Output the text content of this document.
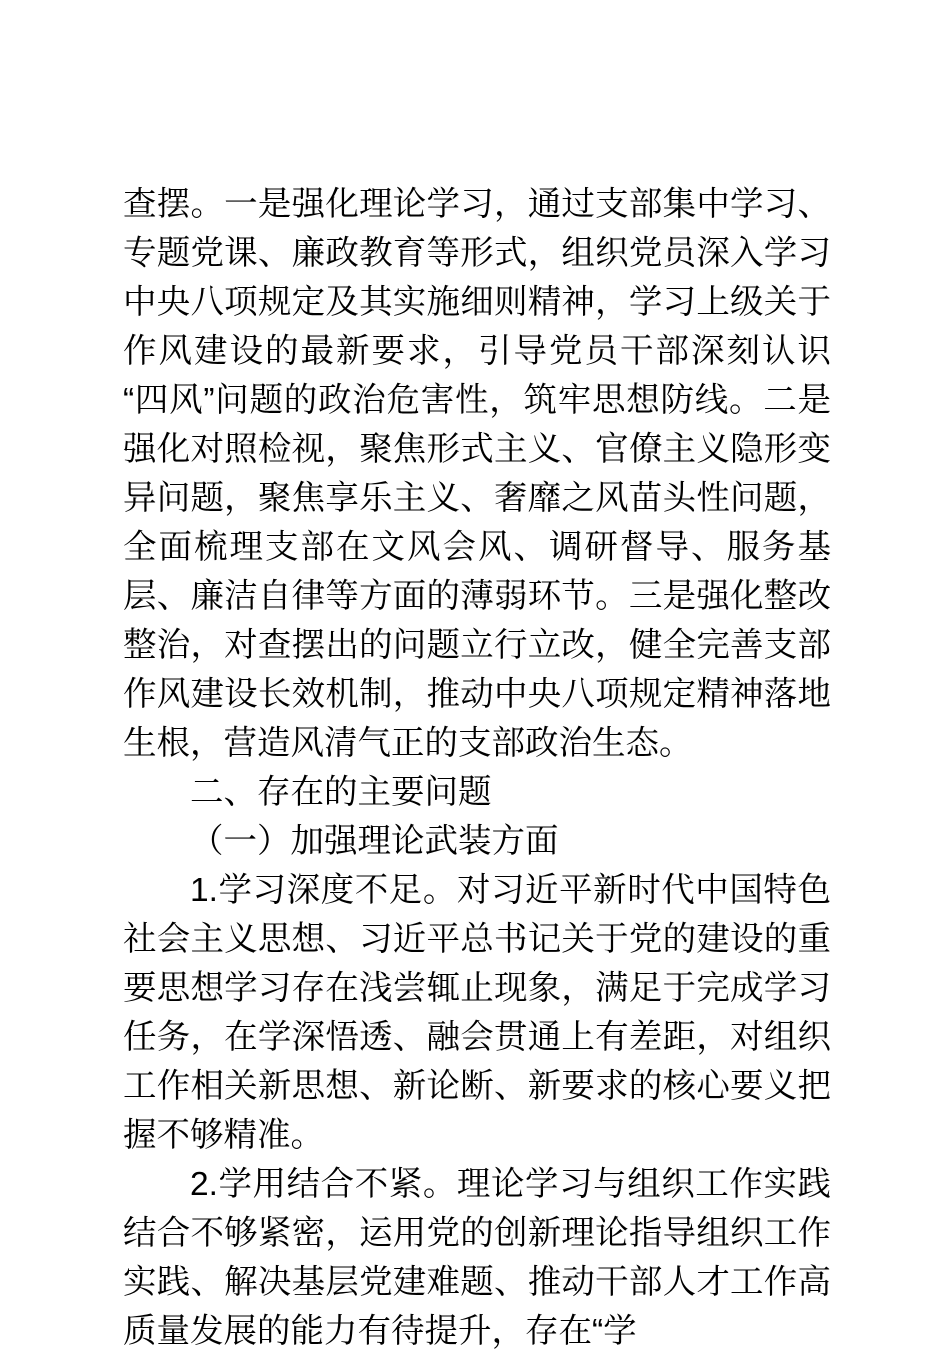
查摆。一是强化理论学习，通过支部集中学习、专题党课、廉政教育等形式，组织党员深入学习中央八项规定及其实施细则精神，学习上级关于作风建设的最新要求，引导党员干部深刻认识“四风”问题的政治危害性，筑牢思想防线。二是强化对照检视，聚焦形式主义、官僚主义隐形变异问题，聚焦享乐主义、奢靡之风苗头性问题，全面梳理支部在文风会风、调研督导、服务基层、廉洁自律等方面的薄弱环节。三是强化整改整治，对查摆出的问题立行立改，健全完善支部作风建设长效机制，推动中央八项规定精神落地生根，营造风清气正的支部政治生态。

二、存在的主要问题

（一）加强理论武装方面

1.学习深度不足。对习近平新时代中国特色社会主义思想、习近平总书记关于党的建设的重要思想学习存在浅尝辄止现象，满足于完成学习任务，在学深悟透、融会贯通上有差距，对组织工作相关新思想、新论断、新要求的核心要义把握不够精准。

2.学用结合不紧。理论学习与组织工作实践结合不够紧密，运用党的创新理论指导组织工作实践、解决基层党建难题、推动干部人才工作高质量发展的能力有待提升，存在“学
